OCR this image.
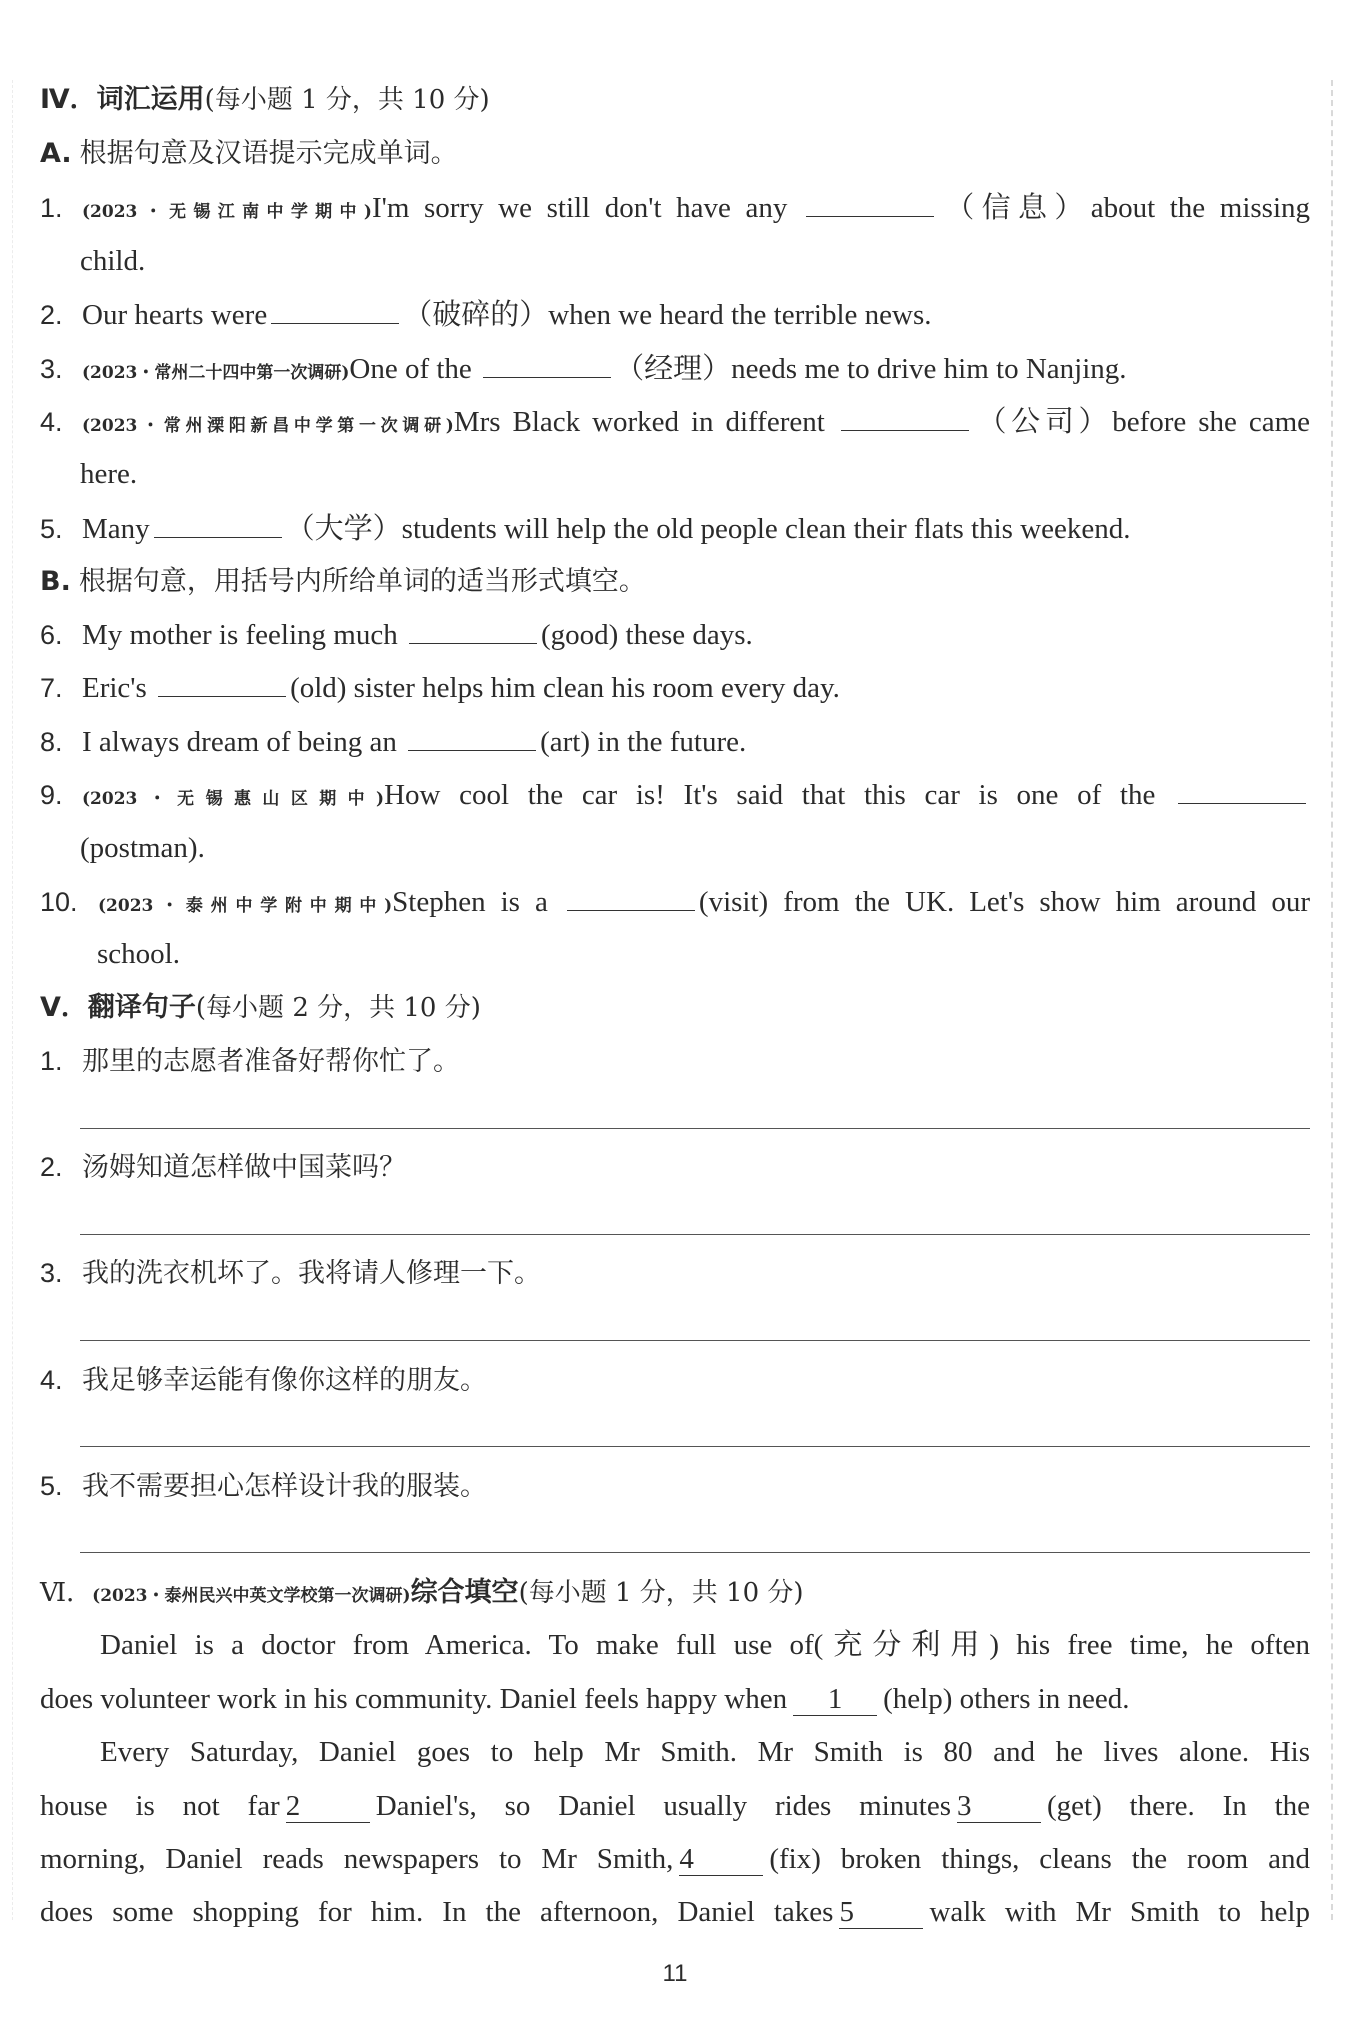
Ⅳ．词汇运用(每小题 1 分，共 10 分)
A. 根据句意及汉语提示完成单词。
1. (2023・无锡江南中学期中)I'm sorry we still don't have any	（信息）about the missing
child.
2. Our hearts were	（破碎的）when we heard the terrible news.
3. (2023・常州二十四中第一次调研)One of the	（经理）needs me to drive him to Nanjing.
4. (2023・常州溧阳新昌中学第一次调研)Mrs Black worked in different	（公司）before she came
here.
5. Many	（大学）students will help the old people clean their flats this weekend.
B. 根据句意，用括号内所给单词的适当形式填空。
6. My mother is feeling much	(good) these days.
7. Eric's	(old) sister helps him clean his room every day.
8. I always dream of being an	(art) in the future.
9. (2023・无锡惠山区期中)How cool the car is! It's said that this car is one of the
(postman).
10. (2023・泰州中学附中期中)Stephen is a	(visit) from the UK. Let's show him around our
school.
Ⅴ．翻译句子(每小题 2 分，共 10 分)
1. 那里的志愿者准备好帮你忙了。
2. 汤姆知道怎样做中国菜吗？
3. 我的洗衣机坏了。我将请人修理一下。
4. 我足够幸运能有像你这样的朋友。
5. 我不需要担心怎样设计我的服装。
Ⅵ．(2023・泰州民兴中英文学校第一次调研)综合填空(每小题 1 分，共 10 分)
Daniel is a doctor from America. To make full use of(充分利用) his free time, he often
does volunteer work in his community. Daniel feels happy when 1 (help) others in need.
Every Saturday, Daniel goes to help Mr Smith. Mr Smith is 80 and he lives alone. His
house is not far 2	Daniel's, so Daniel usually rides minutes 3	(get) there. In the
morning, Daniel reads newspapers to Mr Smith, 4	(fix) broken things, cleans the room and
does some shopping for him. In the afternoon, Daniel takes 5	walk with Mr Smith to help
11
